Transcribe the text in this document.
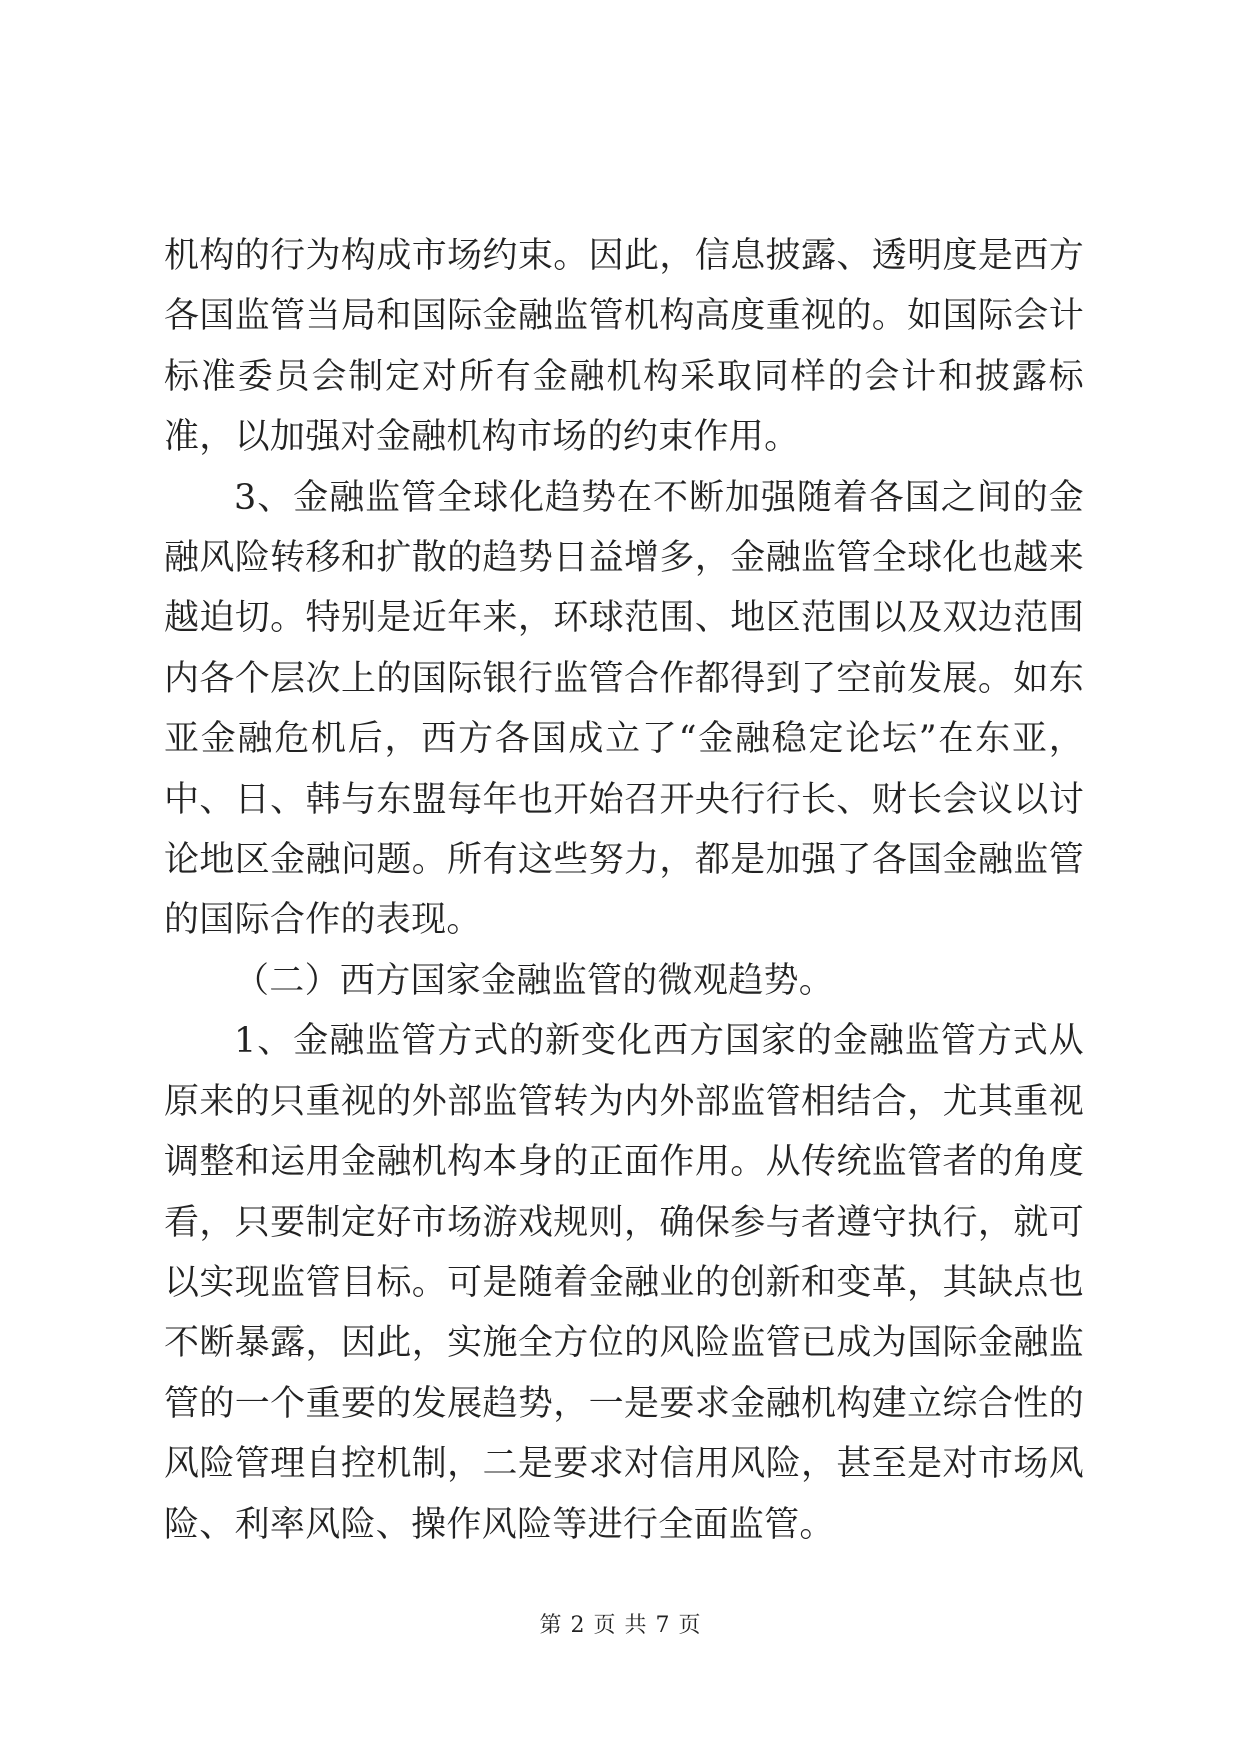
机构的行为构成市场约束。因此，信息披露、透明度是西方各国监管当局和国际金融监管机构高度重视的。如国际会计标准委员会制定对所有金融机构采取同样的会计和披露标准，以加强对金融机构市场的约束作用。

3、金融监管全球化趋势在不断加强随着各国之间的金融风险转移和扩散的趋势日益增多，金融监管全球化也越来越迫切。特别是近年来，环球范围、地区范围以及双边范围内各个层次上的国际银行监管合作都得到了空前发展。如东亚金融危机后，西方各国成立了“金融稳定论坛”在东亚，中、日、韩与东盟每年也开始召开央行行长、财长会议以讨论地区金融问题。所有这些努力，都是加强了各国金融监管的国际合作的表现。

（二）西方国家金融监管的微观趋势。

1、金融监管方式的新变化西方国家的金融监管方式从原来的只重视的外部监管转为内外部监管相结合，尤其重视调整和运用金融机构本身的正面作用。从传统监管者的角度看，只要制定好市场游戏规则，确保参与者遵守执行，就可以实现监管目标。可是随着金融业的创新和变革，其缺点也不断暴露，因此，实施全方位的风险监管已成为国际金融监管的一个重要的发展趋势，一是要求金融机构建立综合性的风险管理自控机制，二是要求对信用风险，甚至是对市场风险、利率风险、操作风险等进行全面监管。

第 2 页 共 7 页
